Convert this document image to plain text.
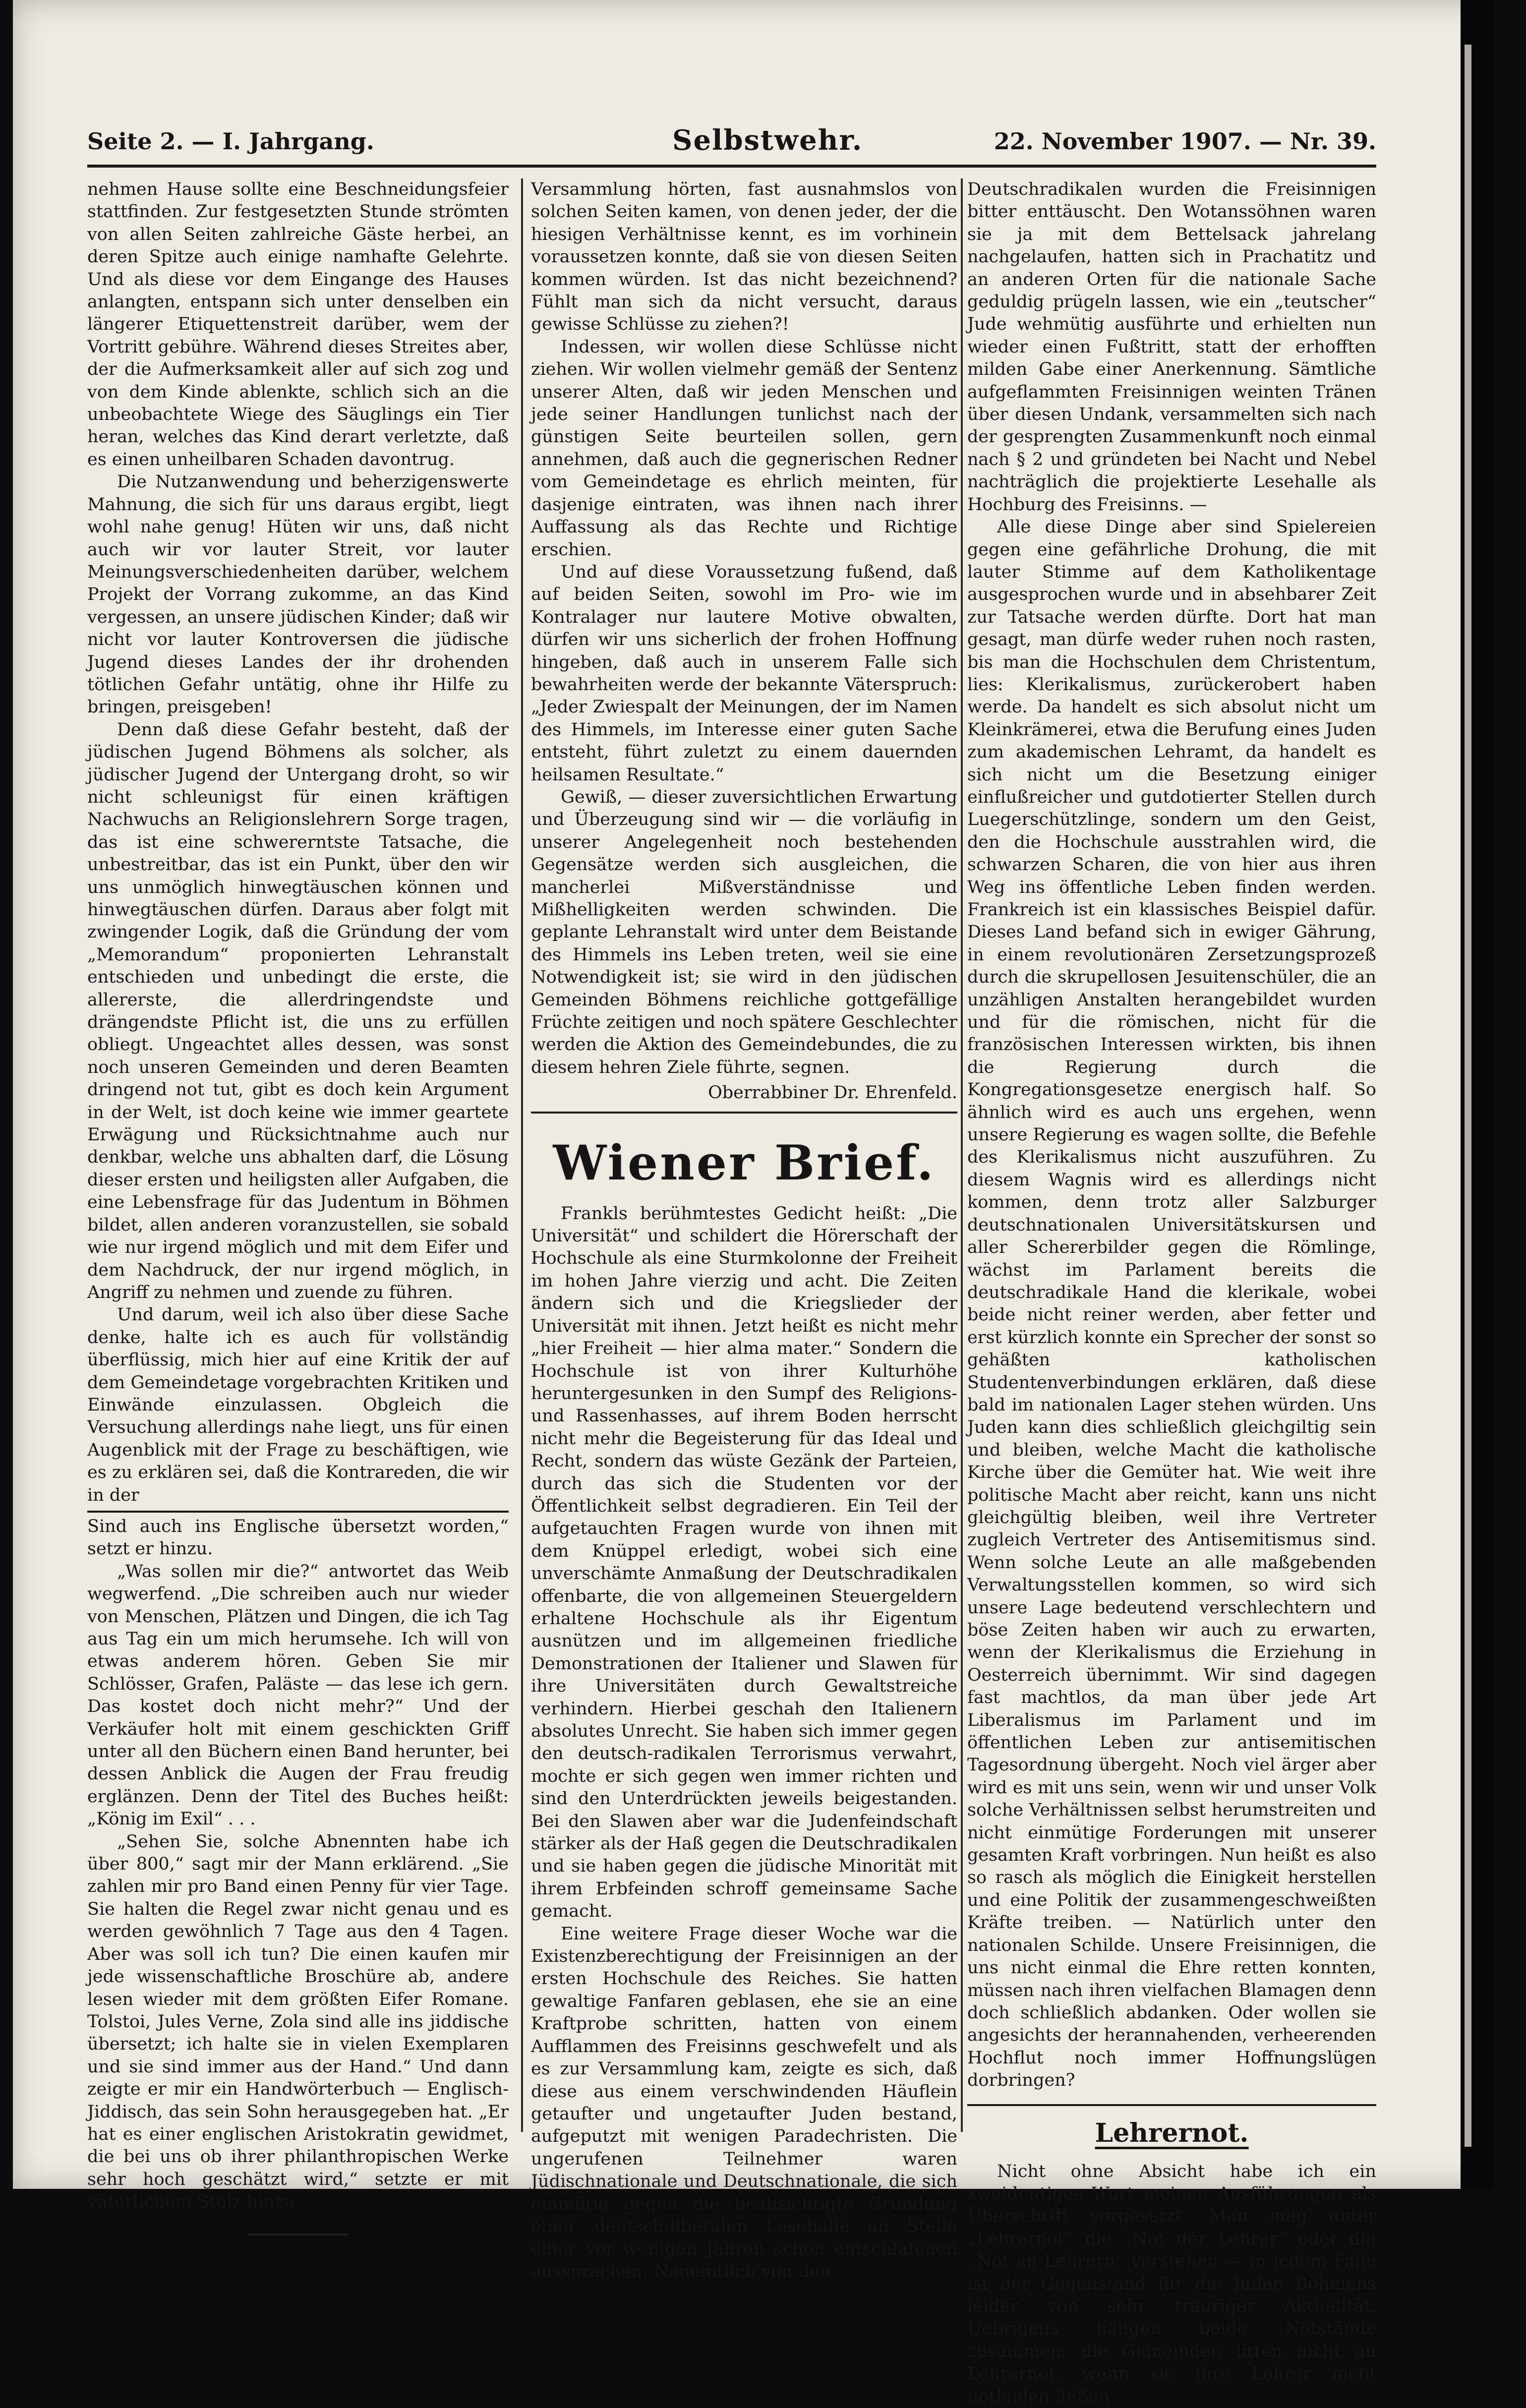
Seite 2. — I. Jahrgang.	Selbstwehr.	22. November 1907. — Nr. 39.

nehmen Hause sollte eine Beschneidungsfeier stattfinden. Zur festgesetzten Stunde strömten von allen Seiten zahlreiche Gäste herbei, an deren Spitze auch einige namhafte Gelehrte. Und als diese vor dem Eingange des Hauses anlangten, entspann sich unter denselben ein längerer Etiquettenstreit darüber, wem der Vortritt gebühre. Während dieses Streites aber, der die Aufmerksamkeit aller auf sich zog und von dem Kinde ablenkte, schlich sich an die unbeobachtete Wiege des Säuglings ein Tier heran, welches das Kind derart verletzte, daß es einen unheilbaren Schaden davontrug.

Die Nutzanwendung und beherzigenswerte Mahnung, die sich für uns daraus ergibt, liegt wohl nahe genug! Hüten wir uns, daß nicht auch wir vor lauter Streit, vor lauter Meinungsverschiedenheiten darüber, welchem Projekt der Vorrang zukomme, an das Kind vergessen, an unsere jüdischen Kinder; daß wir nicht vor lauter Kontroversen die jüdische Jugend dieses Landes der ihr drohenden tötlichen Gefahr untätig, ohne ihr Hilfe zu bringen, preisgeben!

Denn daß diese Gefahr besteht, daß der jüdischen Jugend Böhmens als solcher, als jüdischer Jugend der Untergang droht, so wir nicht schleunigst für einen kräftigen Nachwuchs an Religionslehrern Sorge tragen, das ist eine schwererntste Tatsache, die unbestreitbar, das ist ein Punkt, über den wir uns unmöglich hinwegtäuschen können und hinwegtäuschen dürfen. Daraus aber folgt mit zwingender Logik, daß die Gründung der vom „Memorandum“ proponierten Lehranstalt entschieden und unbedingt die erste, die allererste, die allerdringendste und drängendste Pflicht ist, die uns zu erfüllen obliegt. Ungeachtet alles dessen, was sonst noch unseren Gemeinden und deren Beamten dringend not tut, gibt es doch kein Argument in der Welt, ist doch keine wie immer geartete Erwägung und Rücksichtnahme auch nur denkbar, welche uns abhalten darf, die Lösung dieser ersten und heiligsten aller Aufgaben, die eine Lebensfrage für das Judentum in Böhmen bildet, allen anderen voranzustellen, sie sobald wie nur irgend möglich und mit dem Eifer und dem Nachdruck, der nur irgend möglich, in Angriff zu nehmen und zuende zu führen.

Und darum, weil ich also über diese Sache denke, halte ich es auch für vollständig überflüssig, mich hier auf eine Kritik der auf dem Gemeindetage vorgebrachten Kritiken und Einwände einzulassen. Obgleich die Versuchung allerdings nahe liegt, uns für einen Augenblick mit der Frage zu beschäftigen, wie es zu erklären sei, daß die Kontrareden, die wir in der

Sind auch ins Englische übersetzt worden,“ setzt er hinzu.

„Was sollen mir die?“ antwortet das Weib wegwerfend. „Die schreiben auch nur wieder von Menschen, Plätzen und Dingen, die ich Tag aus Tag ein um mich herumsehe. Ich will von etwas anderem hören. Geben Sie mir Schlösser, Grafen, Paläste — das lese ich gern. Das kostet doch nicht mehr?“ Und der Verkäufer holt mit einem geschickten Griff unter all den Büchern einen Band herunter, bei dessen Anblick die Augen der Frau freudig erglänzen. Denn der Titel des Buches heißt: „König im Exil“ . . .

„Sehen Sie, solche Abnennten habe ich über 800,“ sagt mir der Mann erklärend. „Sie zahlen mir pro Band einen Penny für vier Tage. Sie halten die Regel zwar nicht genau und es werden gewöhnlich 7 Tage aus den 4 Tagen. Aber was soll ich tun? Die einen kaufen mir jede wissenschaftliche Broschüre ab, andere lesen wieder mit dem größten Eifer Romane. Tolstoi, Jules Verne, Zola sind alle ins jiddische übersetzt; ich halte sie in vielen Exemplaren und sie sind immer aus der Hand.“ Und dann zeigte er mir ein Handwörterbuch — Englisch-Jiddisch, das sein Sohn herausgegeben hat. „Er hat es einer englischen Aristokratin gewidmet, die bei uns ob ihrer philanthropischen Werke sehr hoch geschätzt wird,“ setzte er mit väterlichem Stolz hinzu.

Versammlung hörten, fast ausnahmslos von solchen Seiten kamen, von denen jeder, der die hiesigen Verhältnisse kennt, es im vorhinein voraussetzen konnte, daß sie von diesen Seiten kommen würden. Ist das nicht bezeichnend? Fühlt man sich da nicht versucht, daraus gewisse Schlüsse zu ziehen?!

Indessen, wir wollen diese Schlüsse nicht ziehen. Wir wollen vielmehr gemäß der Sentenz unserer Alten, daß wir jeden Menschen und jede seiner Handlungen tunlichst nach der günstigen Seite beurteilen sollen, gern annehmen, daß auch die gegnerischen Redner vom Gemeindetage es ehrlich meinten, für dasjenige eintraten, was ihnen nach ihrer Auffassung als das Rechte und Richtige erschien.

Und auf diese Voraussetzung fußend, daß auf beiden Seiten, sowohl im Pro- wie im Kontralager nur lautere Motive obwalten, dürfen wir uns sicherlich der frohen Hoffnung hingeben, daß auch in unserem Falle sich bewahrheiten werde der bekannte Väterspruch: „Jeder Zwiespalt der Meinungen, der im Namen des Himmels, im Interesse einer guten Sache entsteht, führt zuletzt zu einem dauernden heilsamen Resultate.“

Gewiß, — dieser zuversichtlichen Erwartung und Überzeugung sind wir — die vorläufig in unserer Angelegenheit noch bestehenden Gegensätze werden sich ausgleichen, die mancherlei Mißverständnisse und Mißhelligkeiten werden schwinden. Die geplante Lehranstalt wird unter dem Beistande des Himmels ins Leben treten, weil sie eine Notwendigkeit ist; sie wird in den jüdischen Gemeinden Böhmens reichliche gottgefällige Früchte zeitigen und noch spätere Geschlechter werden die Aktion des Gemeindebundes, die zu diesem hehren Ziele führte, segnen.

Oberrabbiner Dr. Ehrenfeld.

Wiener Brief.

Frankls berühmtestes Gedicht heißt: „Die Universität“ und schildert die Hörerschaft der Hochschule als eine Sturmkolonne der Freiheit im hohen Jahre vierzig und acht. Die Zeiten ändern sich und die Kriegslieder der Universität mit ihnen. Jetzt heißt es nicht mehr „hier Freiheit — hier alma mater.“ Sondern die Hochschule ist von ihrer Kulturhöhe heruntergesunken in den Sumpf des Religions- und Rassenhasses, auf ihrem Boden herrscht nicht mehr die Begeisterung für das Ideal und Recht, sondern das wüste Gezänk der Parteien, durch das sich die Studenten vor der Öffentlichkeit selbst degradieren. Ein Teil der aufgetauchten Fragen wurde von ihnen mit dem Knüppel erledigt, wobei sich eine unverschämte Anmaßung der Deutschradikalen offenbarte, die von allgemeinen Steuergeldern erhaltene Hochschule als ihr Eigentum ausnützen und im allgemeinen friedliche Demonstrationen der Italiener und Slawen für ihre Universitäten durch Gewaltstreiche verhindern. Hierbei geschah den Italienern absolutes Unrecht. Sie haben sich immer gegen den deutsch-radikalen Terrorismus verwahrt, mochte er sich gegen wen immer richten und sind den Unterdrückten jeweils beigestanden. Bei den Slawen aber war die Judenfeindschaft stärker als der Haß gegen die Deutschradikalen und sie haben gegen die jüdische Minorität mit ihrem Erbfeinden schroff gemeinsame Sache gemacht.

Eine weitere Frage dieser Woche war die Existenzberechtigung der Freisinnigen an der ersten Hochschule des Reiches. Sie hatten gewaltige Fanfaren geblasen, ehe sie an eine Kraftprobe schritten, hatten von einem Aufflammen des Freisinns geschwefelt und als es zur Versammlung kam, zeigte es sich, daß diese aus einem verschwindenden Häuflein getaufter und ungetaufter Juden bestand, aufgeputzt mit wenigen Paradechristen. Die ungerufenen Teilnehmer waren Jüdischnationale und Deutschnationale, die sich einmütig gegen die beabsichtigte Gründung einer deutsch-liberalen Lesehalle an Stelle einer vor wenigen Jahren schon entschlafenen aussprachen. Namentlich von den

Deutschradikalen wurden die Freisinnigen bitter enttäuscht. Den Wotanssöhnen waren sie ja mit dem Bettelsack jahrelang nachgelaufen, hatten sich in Prachatitz und an anderen Orten für die nationale Sache geduldig prügeln lassen, wie ein „teutscher“ Jude wehmütig ausführte und erhielten nun wieder einen Fußtritt, statt der erhofften milden Gabe einer Anerkennung. Sämtliche aufgeflammten Freisinnigen weinten Tränen über diesen Undank, versammelten sich nach der gesprengten Zusammenkunft noch einmal nach § 2 und gründeten bei Nacht und Nebel nachträglich die projektierte Lesehalle als Hochburg des Freisinns. —

Alle diese Dinge aber sind Spielereien gegen eine gefährliche Drohung, die mit lauter Stimme auf dem Katholikentage ausgesprochen wurde und in absehbarer Zeit zur Tatsache werden dürfte. Dort hat man gesagt, man dürfe weder ruhen noch rasten, bis man die Hochschulen dem Christentum, lies: Klerikalismus, zurückerobert haben werde. Da handelt es sich absolut nicht um Kleinkrämerei, etwa die Berufung eines Juden zum akademischen Lehramt, da handelt es sich nicht um die Besetzung einiger einflußreicher und gutdotierter Stellen durch Luegerschützlinge, sondern um den Geist, den die Hochschule ausstrahlen wird, die schwarzen Scharen, die von hier aus ihren Weg ins öffentliche Leben finden werden. Frankreich ist ein klassisches Beispiel dafür. Dieses Land befand sich in ewiger Gährung, in einem revolutionären Zersetzungsprozeß durch die skrupellosen Jesuitenschüler, die an unzähligen Anstalten herangebildet wurden und für die römischen, nicht für die französischen Interessen wirkten, bis ihnen die Regierung durch die Kongregationsgesetze energisch half. So ähnlich wird es auch uns ergehen, wenn unsere Regierung es wagen sollte, die Befehle des Klerikalismus nicht auszuführen. Zu diesem Wagnis wird es allerdings nicht kommen, denn trotz aller Salzburger deutschnationalen Universitätskursen und aller Schererbilder gegen die Römlinge, wächst im Parlament bereits die deutschradikale Hand die klerikale, wobei beide nicht reiner werden, aber fetter und erst kürzlich konnte ein Sprecher der sonst so gehäßten katholischen Studentenverbindungen erklären, daß diese bald im nationalen Lager stehen würden. Uns Juden kann dies schließlich gleichgiltig sein und bleiben, welche Macht die katholische Kirche über die Gemüter hat. Wie weit ihre politische Macht aber reicht, kann uns nicht gleichgültig bleiben, weil ihre Vertreter zugleich Vertreter des Antisemitismus sind. Wenn solche Leute an alle maßgebenden Verwaltungsstellen kommen, so wird sich unsere Lage bedeutend verschlechtern und böse Zeiten haben wir auch zu erwarten, wenn der Klerikalismus die Erziehung in Oesterreich übernimmt. Wir sind dagegen fast machtlos, da man über jede Art Liberalismus im Parlament und im öffentlichen Leben zur antisemitischen Tagesordnung übergeht. Noch viel ärger aber wird es mit uns sein, wenn wir und unser Volk solche Verhältnissen selbst herumstreiten und nicht einmütige Forderungen mit unserer gesamten Kraft vorbringen. Nun heißt es also so rasch als möglich die Einigkeit herstellen und eine Politik der zusammengeschweißten Kräfte treiben. — Natürlich unter den nationalen Schilde. Unsere Freisinnigen, die uns nicht einmal die Ehre retten konnten, müssen nach ihren vielfachen Blamagen denn doch schließlich abdanken. Oder wollen sie angesichts der herannahenden, verheerenden Hochflut noch immer Hoffnungslügen dorbringen?

Lehrernot.

Nicht ohne Absicht habe ich ein zweideutiges Wort meinen Ausführungen als Überschrift vorgesetzt. Man mag unter „Lehrernot“ die „Not der Lehrer“ oder die „Not an Lehrern“ verstehen — in jedem Falle ist der Gegenstand für die Juden Böhmens leider von sehr trauriger Aktualität. Uebrigens hängen beide Notstände zusammen: die Gemeinden litten nicht an Lehrernot, wenn sie ihre Lehrer nicht notleiden ließen.
